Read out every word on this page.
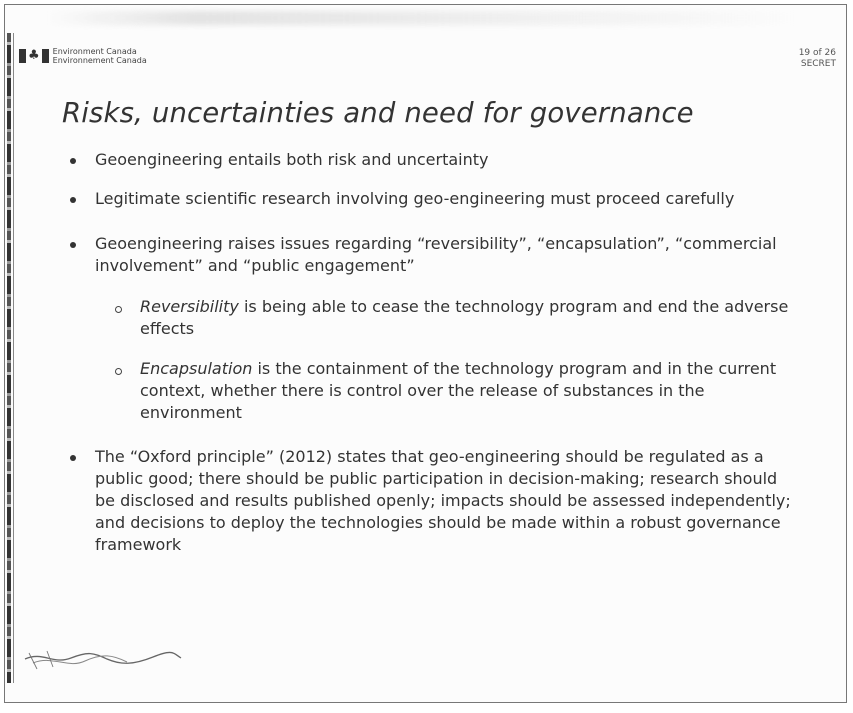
♣ Environment Canada
Environnement Canada
19 of 26
SECRET
Risks, uncertainties and need for governance
Geoengineering entails both risk and uncertainty
Legitimate scientific research involving geo-engineering must proceed carefully
Geoengineering raises issues regarding “reversibility”, “encapsulation”, “commercial involvement” and “public engagement”
Reversibility is being able to cease the technology program and end the adverse effects
Encapsulation is the containment of the technology program and in the current context, whether there is control over the release of substances in the environment
The “Oxford principle” (2012) states that geo-engineering should be regulated as a public good; there should be public participation in decision-making; research should be disclosed and results published openly; impacts should be assessed independently; and decisions to deploy the technologies should be made within a robust governance framework
